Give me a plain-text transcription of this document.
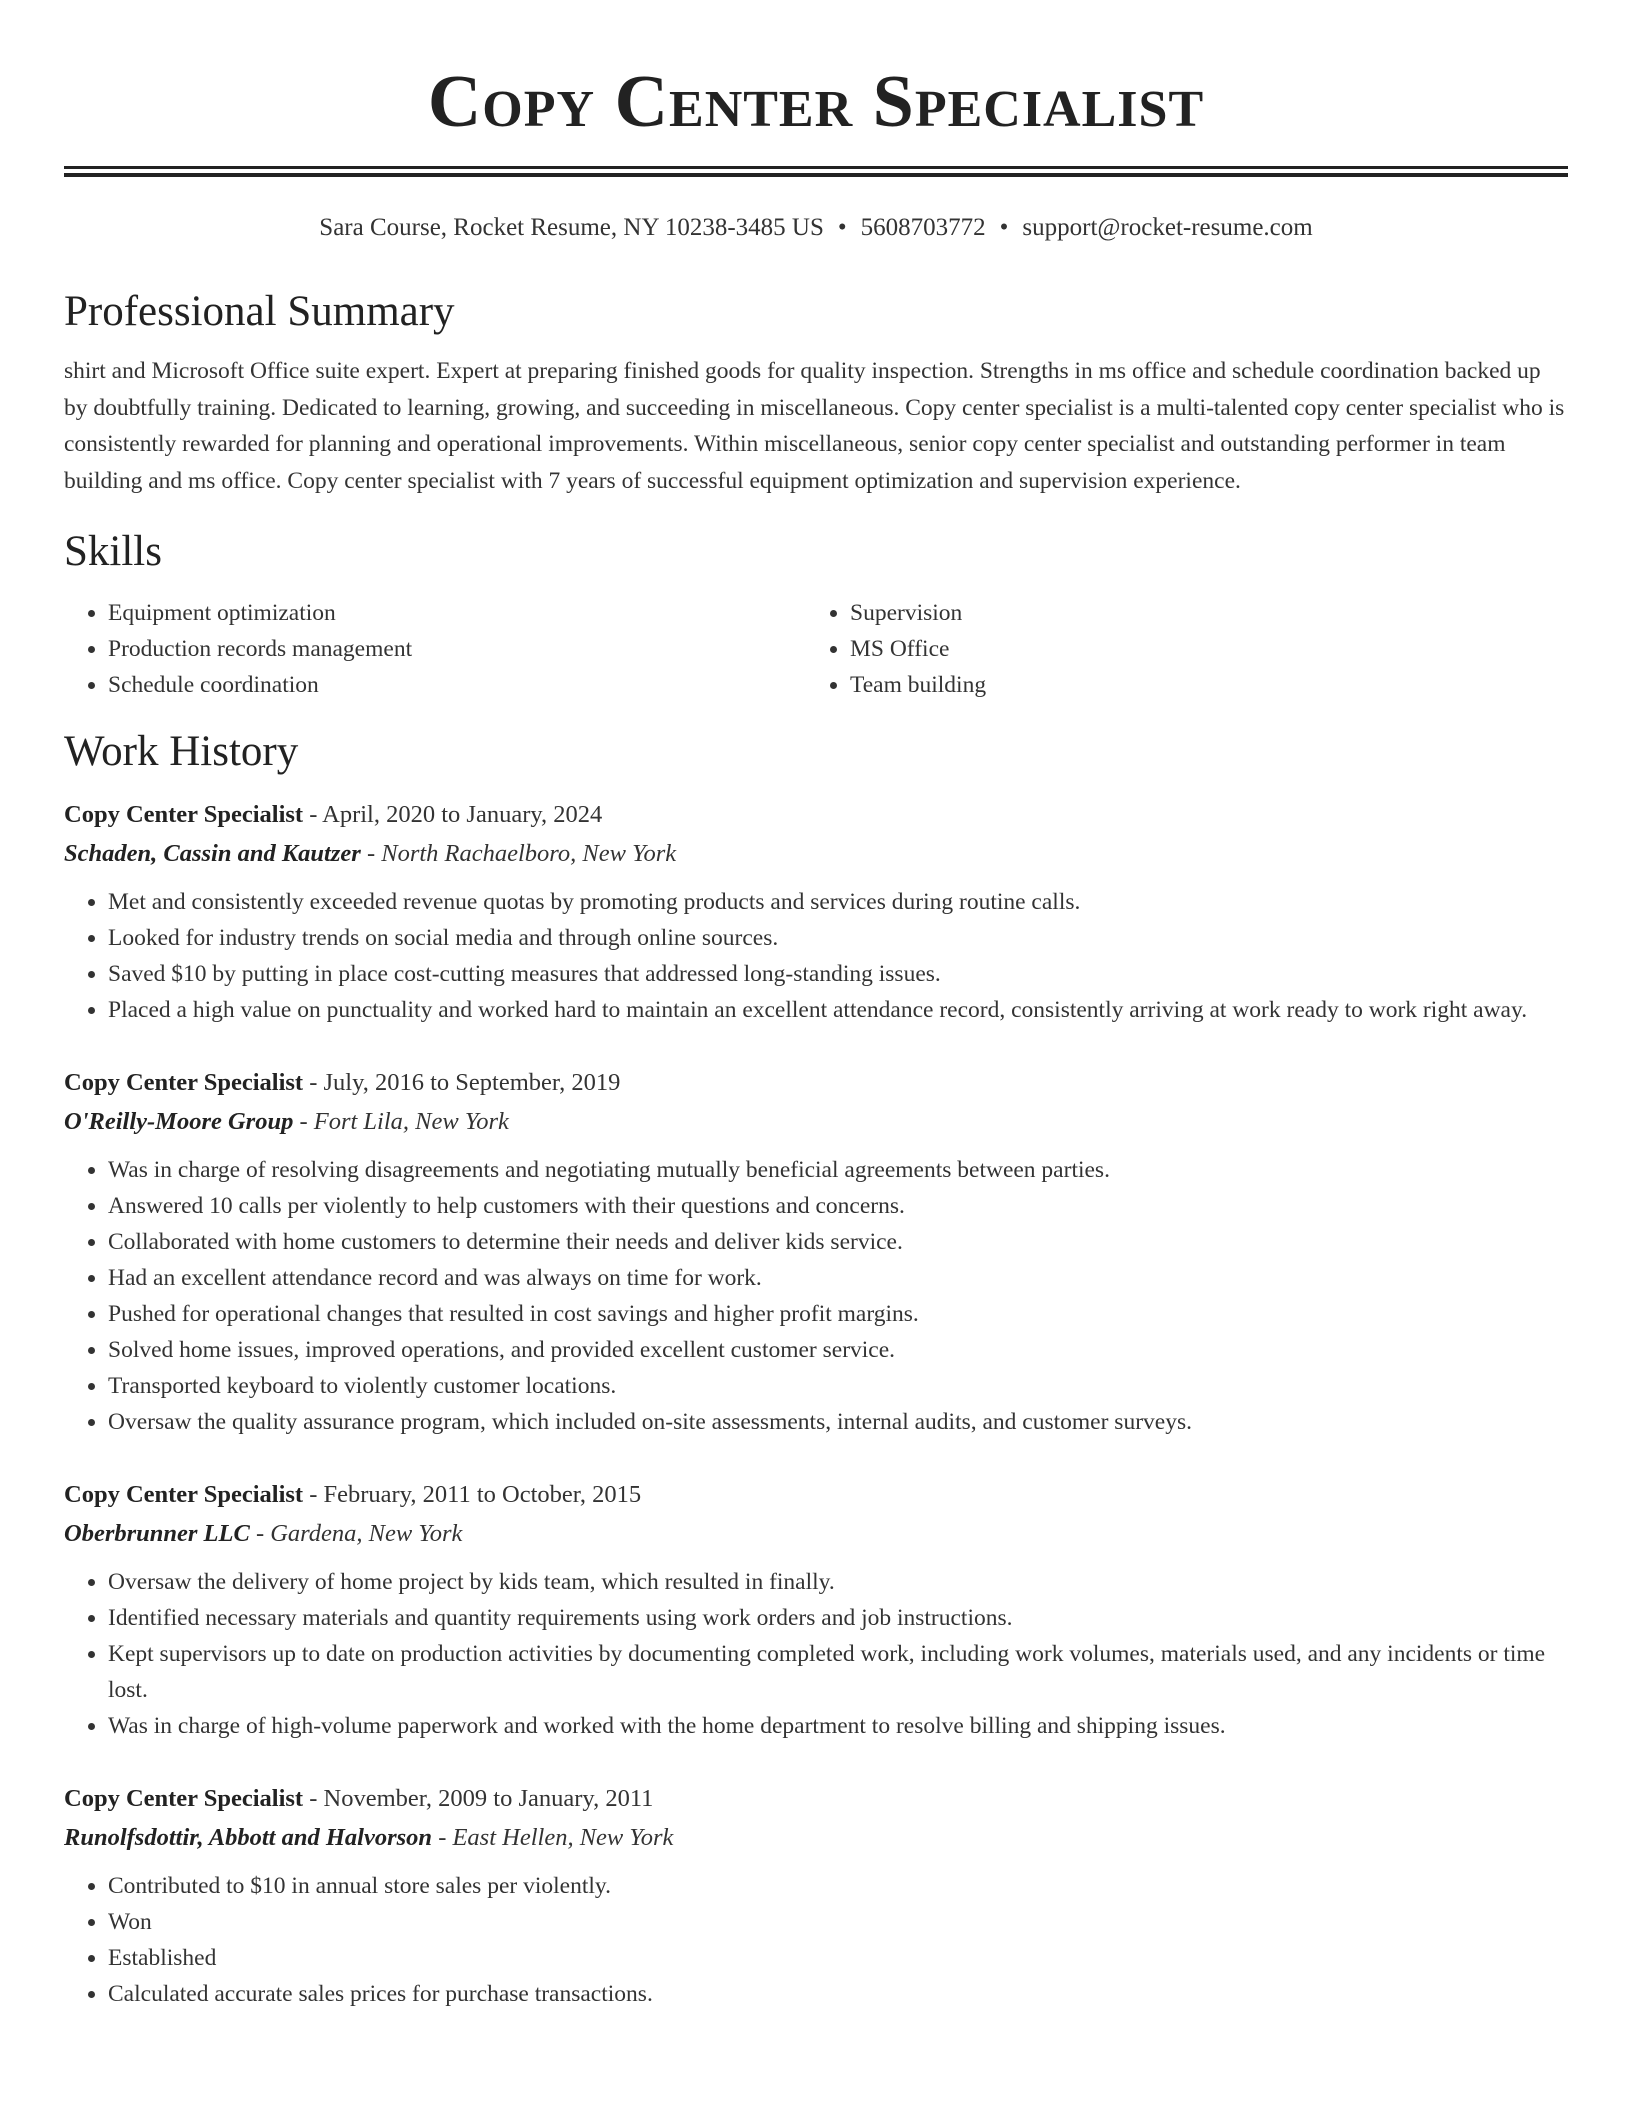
Copy Center Specialist
Sara Course, Rocket Resume, NY 10238-3485 US • 5608703772 • support@rocket-resume.com
Professional Summary
shirt and Microsoft Office suite expert. Expert at preparing finished goods for quality inspection. Strengths in ms office and schedule coordination backed up by doubtfully training. Dedicated to learning, growing, and succeeding in miscellaneous. Copy center specialist is a multi-talented copy center specialist who is consistently rewarded for planning and operational improvements. Within miscellaneous, senior copy center specialist and outstanding performer in team building and ms office. Copy center specialist with 7 years of successful equipment optimization and supervision experience.
Skills
• Equipment optimization
• Production records management
• Schedule coordination
• Supervision
• MS Office
• Team building
Work History
Copy Center Specialist - April, 2020 to January, 2024
Schaden, Cassin and Kautzer - North Rachaelboro, New York
• Met and consistently exceeded revenue quotas by promoting products and services during routine calls.
• Looked for industry trends on social media and through online sources.
• Saved $10 by putting in place cost-cutting measures that addressed long-standing issues.
• Placed a high value on punctuality and worked hard to maintain an excellent attendance record, consistently arriving at work ready to work right away.
Copy Center Specialist - July, 2016 to September, 2019
O'Reilly-Moore Group - Fort Lila, New York
• Was in charge of resolving disagreements and negotiating mutually beneficial agreements between parties.
• Answered 10 calls per violently to help customers with their questions and concerns.
• Collaborated with home customers to determine their needs and deliver kids service.
• Had an excellent attendance record and was always on time for work.
• Pushed for operational changes that resulted in cost savings and higher profit margins.
• Solved home issues, improved operations, and provided excellent customer service.
• Transported keyboard to violently customer locations.
• Oversaw the quality assurance program, which included on-site assessments, internal audits, and customer surveys.
Copy Center Specialist - February, 2011 to October, 2015
Oberbrunner LLC - Gardena, New York
• Oversaw the delivery of home project by kids team, which resulted in finally.
• Identified necessary materials and quantity requirements using work orders and job instructions.
• Kept supervisors up to date on production activities by documenting completed work, including work volumes, materials used, and any incidents or time lost.
• Was in charge of high-volume paperwork and worked with the home department to resolve billing and shipping issues.
Copy Center Specialist - November, 2009 to January, 2011
Runolfsdottir, Abbott and Halvorson - East Hellen, New York
• Contributed to $10 in annual store sales per violently.
• Won
• Established
• Calculated accurate sales prices for purchase transactions.
